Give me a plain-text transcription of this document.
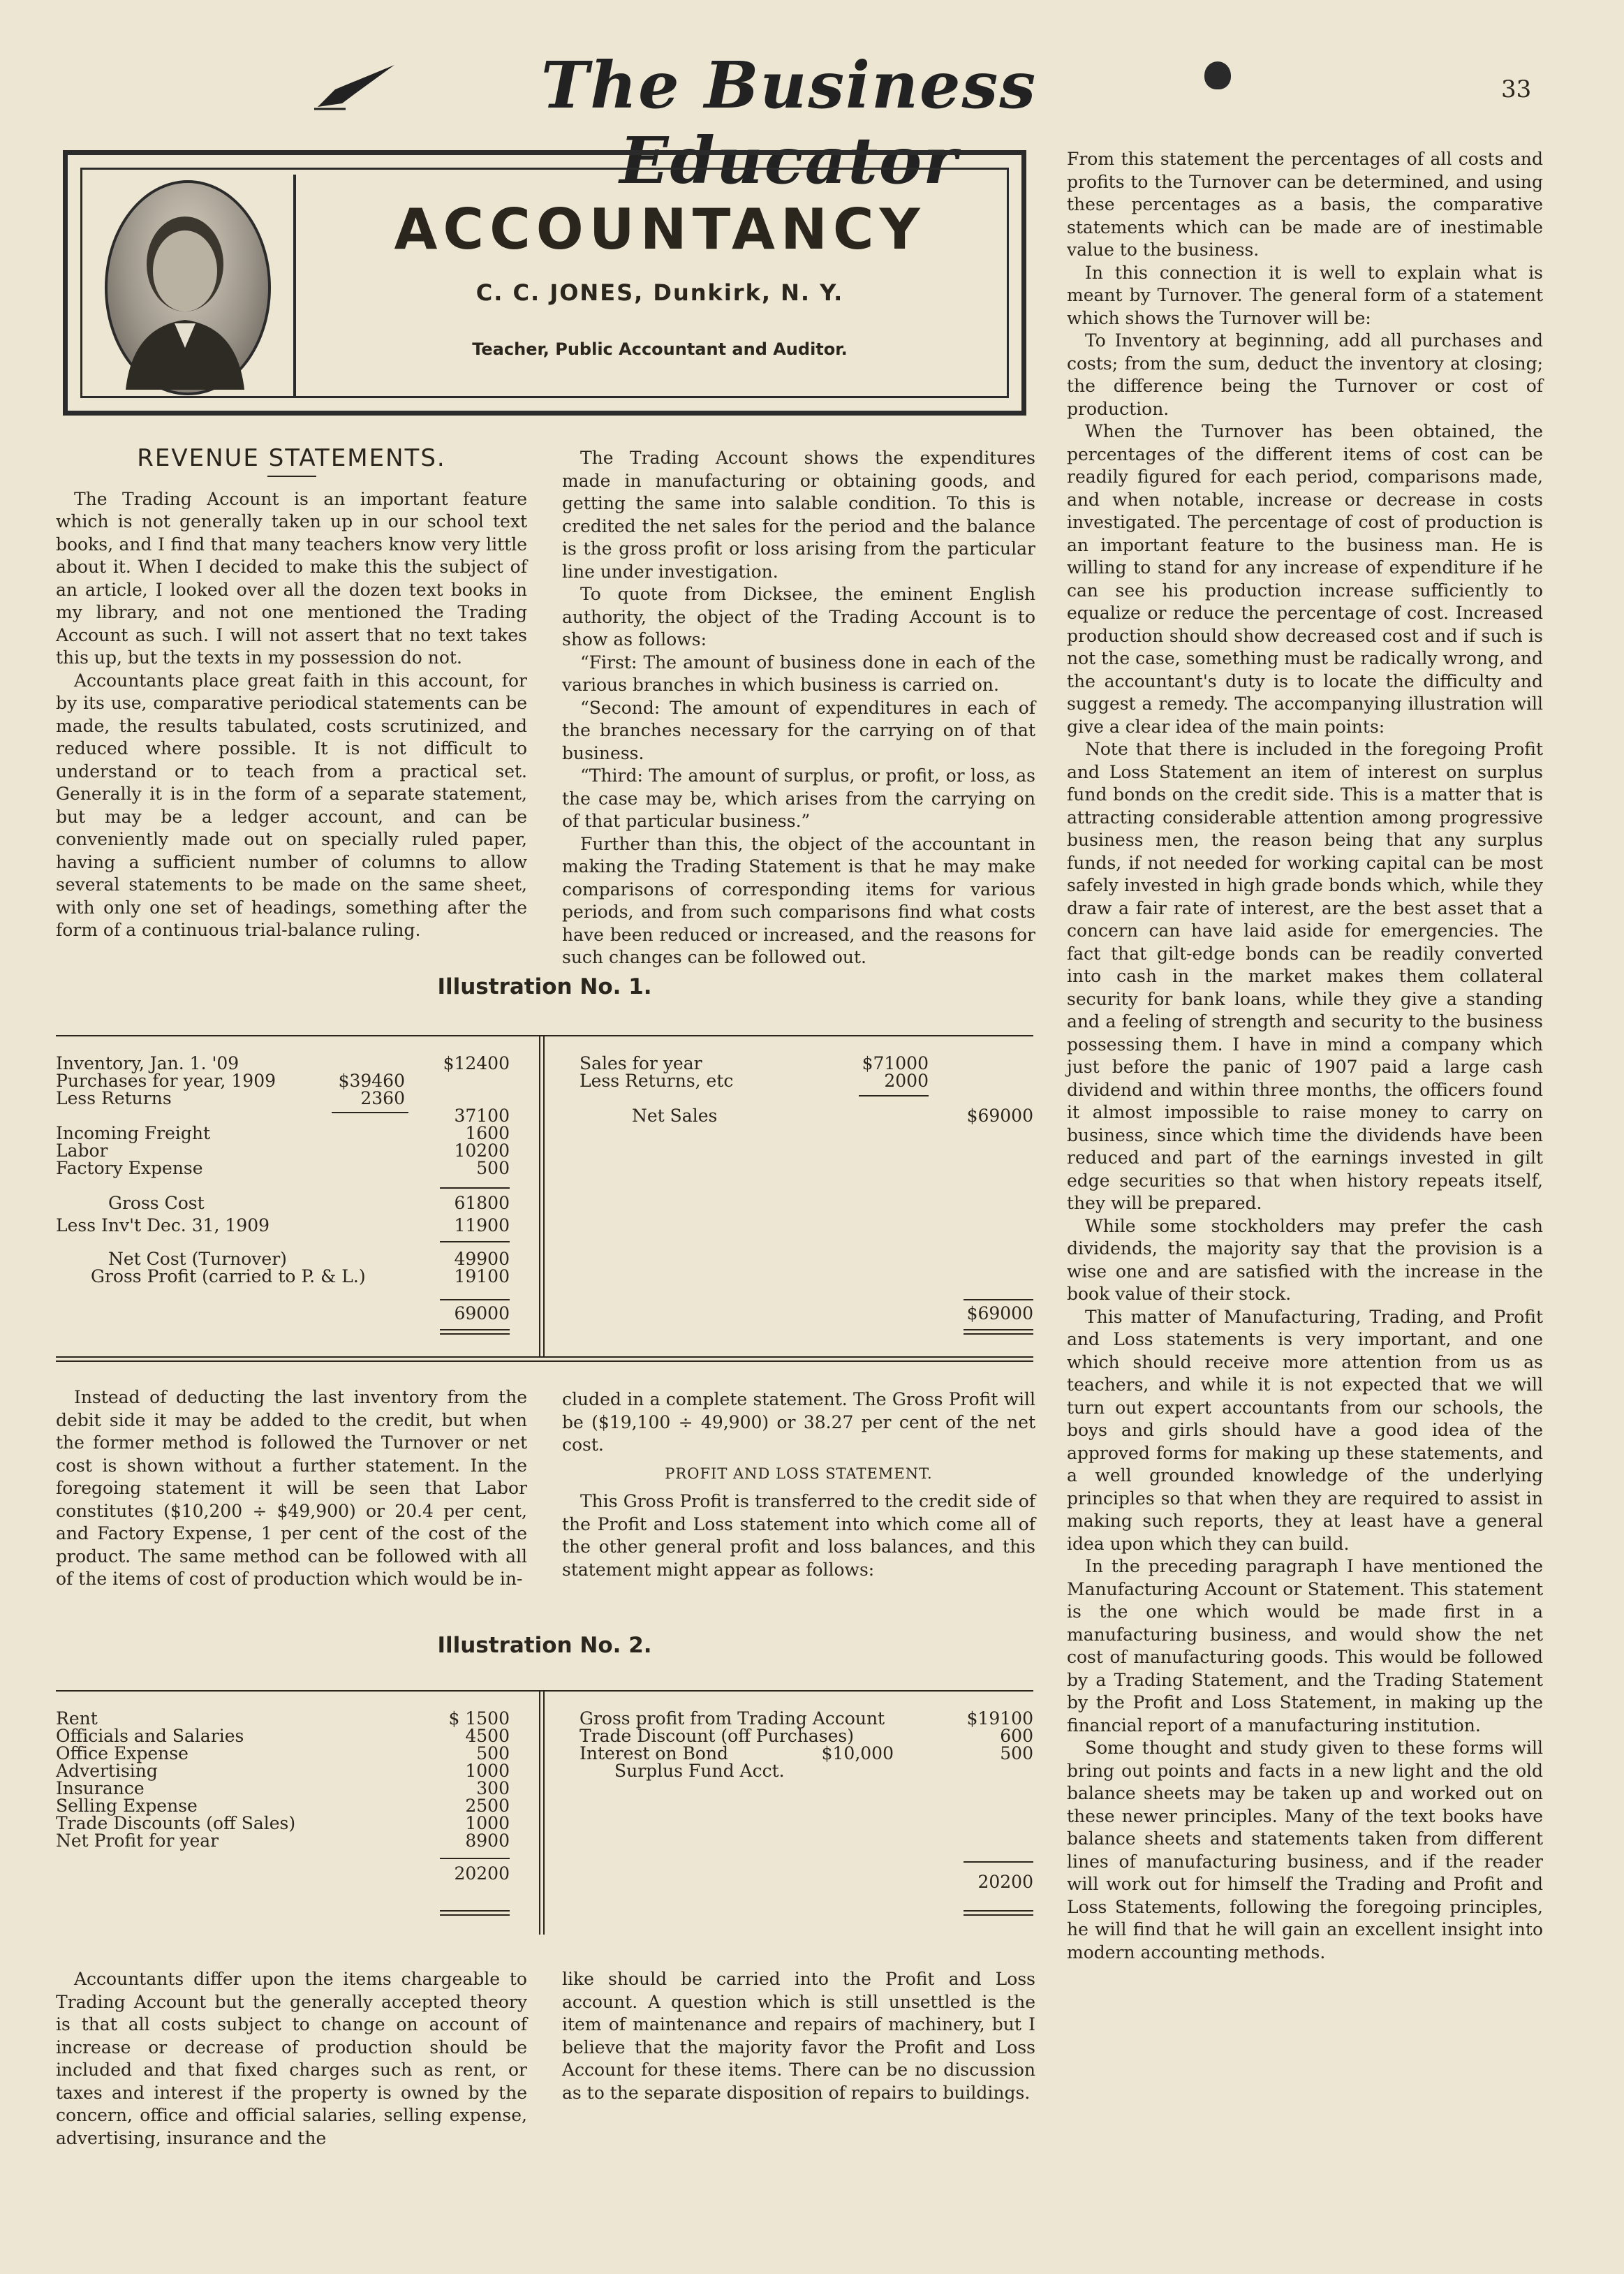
The Business Educator
33
ACCOUNTANCY
C. C. JONES, Dunkirk, N. Y.
Teacher, Public Accountant and Auditor.
REVENUE STATEMENTS.

The Trading Account is an important feature which is not generally taken up in our school text books, and I find that many teachers know very little about it. When I decided to make this the subject of an article, I looked over all the dozen text books in my library, and not one mentioned the Trading Account as such. I will not assert that no text takes this up, but the texts in my possession do not.

Accountants place great faith in this account, for by its use, comparative periodical statements can be made, the results tabulated, costs scrutinized, and reduced where possible. It is not difficult to understand or to teach from a practical set. Generally it is in the form of a separate statement, but may be a ledger account, and can be conveniently made out on specially ruled paper, having a sufficient number of columns to allow several statements to be made on the same sheet, with only one set of headings, something after the form of a continuous trial-balance ruling.

The Trading Account shows the expenditures made in manufacturing or obtaining goods, and getting the same into salable condition. To this is credited the net sales for the period and the balance is the gross profit or loss arising from the particular line under investigation.

To quote from Dicksee, the eminent English authority, the object of the Trading Account is to show as follows:

“First: The amount of business done in each of the various branches in which business is carried on.

“Second: The amount of expenditures in each of the branches necessary for the carrying on of that business.

“Third: The amount of surplus, or profit, or loss, as the case may be, which arises from the carrying on of that particular business.”

Further than this, the object of the accountant in making the Trading Statement is that he may make comparisons of corresponding items for various periods, and from such comparisons find what costs have been reduced or increased, and the reasons for such changes can be followed out.

Illustration No. 1.
Inventory, Jan. 1. '09	$12400
Purchases for year, 1909	$39460
Less Returns	2360
37100
Incoming Freight	1600
Labor	10200
Factory Expense	500
Gross Cost	61800
Less Inv't Dec. 31, 1909	11900
Net Cost (Turnover)	49900
Gross Profit (carried to P. & L.)	19100
69000
Sales for year	$71000
Less Returns, etc	2000
Net Sales	$69000
$69000

Instead of deducting the last inventory from the debit side it may be added to the credit, but when the former method is followed the Turnover or net cost is shown without a further statement. In the foregoing statement it will be seen that Labor constitutes ($10,200 ÷ $49,900) or 20.4 per cent, and Factory Expense, 1 per cent of the cost of the product. The same method can be followed with all of the items of cost of production which would be in-

cluded in a complete statement. The Gross Profit will be ($19,100 ÷ 49,900) or 38.27 per cent of the net cost.

PROFIT AND LOSS STATEMENT.

This Gross Profit is transferred to the credit side of the Profit and Loss statement into which come all of the other general profit and loss balances, and this statement might appear as follows:

Illustration No. 2.
Rent	$ 1500
Officials and Salaries	4500
Office Expense	500
Advertising	1000
Insurance	300
Selling Expense	2500
Trade Discounts (off Sales)	1000
Net Profit for year	8900
20200
Gross profit from Trading Account	$19100
Trade Discount (off Purchases)	600
Interest on Bond	$10,000	500
Surplus Fund Acct.
20200

Accountants differ upon the items chargeable to Trading Account but the generally accepted theory is that all costs subject to change on account of increase or decrease of production should be included and that fixed charges such as rent, or taxes and interest if the property is owned by the concern, office and official salaries, selling expense, advertising, insurance and the

like should be carried into the Profit and Loss account. A question which is still unsettled is the item of maintenance and repairs of machinery, but I believe that the majority favor the Profit and Loss Account for these items. There can be no discussion as to the separate disposition of repairs to buildings.

From this statement the percentages of all costs and profits to the Turnover can be determined, and using these percentages as a basis, the comparative statements which can be made are of inestimable value to the business.

In this connection it is well to explain what is meant by Turnover. The general form of a statement which shows the Turnover will be:

To Inventory at beginning, add all purchases and costs; from the sum, deduct the inventory at closing; the difference being the Turnover or cost of production.

When the Turnover has been obtained, the percentages of the different items of cost can be readily figured for each period, comparisons made, and when notable, increase or decrease in costs investigated. The percentage of cost of production is an important feature to the business man. He is willing to stand for any increase of expenditure if he can see his production increase sufficiently to equalize or reduce the percentage of cost. Increased production should show decreased cost and if such is not the case, something must be radically wrong, and the accountant's duty is to locate the difficulty and suggest a remedy. The accompanying illustration will give a clear idea of the main points:

Note that there is included in the foregoing Profit and Loss Statement an item of interest on surplus fund bonds on the credit side. This is a matter that is attracting considerable attention among progressive business men, the reason being that any surplus funds, if not needed for working capital can be most safely invested in high grade bonds which, while they draw a fair rate of interest, are the best asset that a concern can have laid aside for emergencies. The fact that gilt-edge bonds can be readily converted into cash in the market makes them collateral security for bank loans, while they give a standing and a feeling of strength and security to the business possessing them. I have in mind a company which just before the panic of 1907 paid a large cash dividend and within three months, the officers found it almost impossible to raise money to carry on business, since which time the dividends have been reduced and part of the earnings invested in gilt edge securities so that when history repeats itself, they will be prepared.

While some stockholders may prefer the cash dividends, the majority say that the provision is a wise one and are satisfied with the increase in the book value of their stock.

This matter of Manufacturing, Trading, and Profit and Loss statements is very important, and one which should receive more attention from us as teachers, and while it is not expected that we will turn out expert accountants from our schools, the boys and girls should have a good idea of the approved forms for making up these statements, and a well grounded knowledge of the underlying principles so that when they are required to assist in making such reports, they at least have a general idea upon which they can build.

In the preceding paragraph I have mentioned the Manufacturing Account or Statement. This statement is the one which would be made first in a manufacturing business, and would show the net cost of manufacturing goods. This would be followed by a Trading Statement, and the Trading Statement by the Profit and Loss Statement, in making up the financial report of a manufacturing institution.

Some thought and study given to these forms will bring out points and facts in a new light and the old balance sheets may be taken up and worked out on these newer principles. Many of the text books have balance sheets and statements taken from different lines of manufacturing business, and if the reader will work out for himself the Trading and Profit and Loss Statements, following the foregoing principles, he will find that he will gain an excellent insight into modern accounting methods.
